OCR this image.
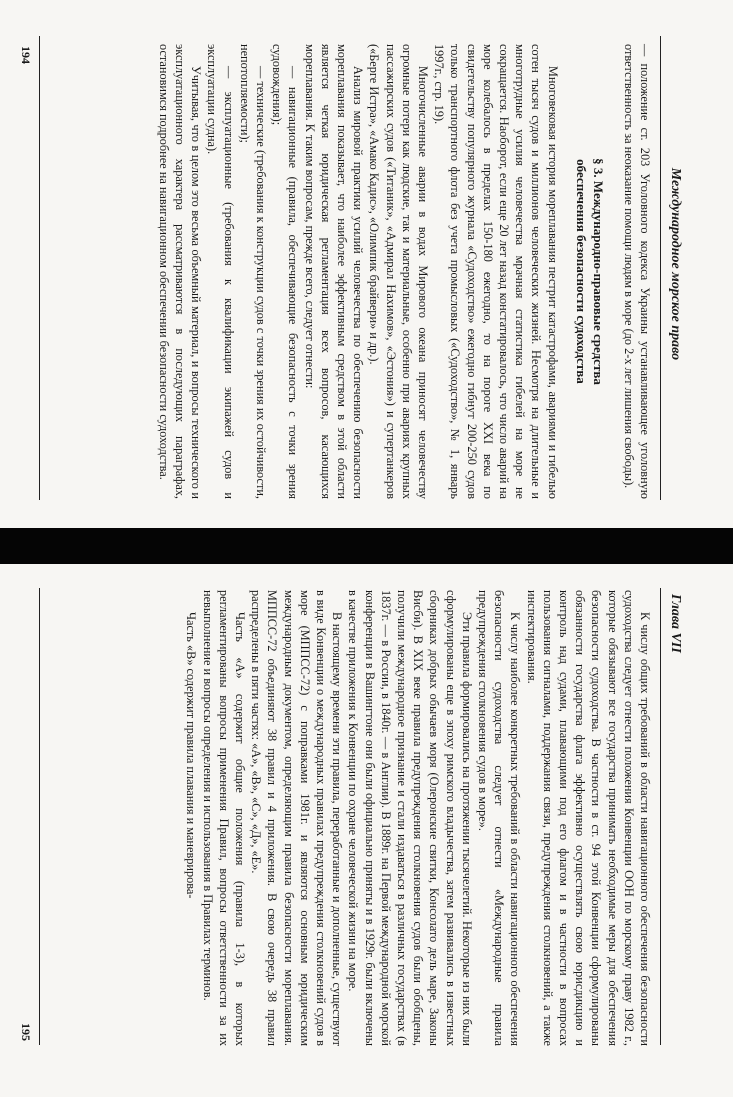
Международное морское право

— положение ст. 203 Уголовного кодекса Украины устанавливающее уголовную ответственность за неоказание помощи людям в море (до 2-х лет лишения свободы).

§ 3. Международно-правовые средства
обеспечения безопасности судоходства

Многовековая история мореплавания пестрит катастрофами, авариями и гибелью сотен тысяч судов и миллионов человеческих жизней. Несмотря на длительные и многотрудные усилия человечества мрачная статистика гибелей на море не сокращается. Наоборот, если еще 20 лет назад констатировалось, что число аварий на море колебалось в пределах 150-180 ежегодно, то на пороге XXI века по свидетельству популярного журнала «Судоходство» ежегодно гибнут 200-250 судов только транспортного флота без учета промысловых («Судоходство», № 1, январь 1997г., стр. 19).

Многочисленные аварии в водах Мирового океана приносят человечеству огромные потери как людские, так и материальные, особенно при авариях крупных пассажирских судов («Титаник», «Адмирал Нахимов», «Эстония») и супертанкеров («Берге Истра», «Амако Кадис», «Олимпик брайвери» и др.).

Анализ мировой практики усилий человечества по обеспечению безопасности мореплавания показывает, что наиболее эффективным средством в этой области является четкая юридическая регламентация всех вопросов, касающихся мореплавания. К таким вопросам, прежде всего, следует отнести:

— навигационные (правила, обеспечивающие безопасность с точки зрения судовождения);

— технические (требования к конструкции судов с точки зрения их остойчивости, непотопляемости);

— эксплуатационные (требования к квалификации экипажей судов и эксплуатации судна).

Учитывая, что в целом это весьма объемный материал, и вопросы технического и эксплуатационного характера рассматриваются в последующих параграфах, остановимся подробнее на навигационном обеспечении безопасности судоходства.

194
Глава VII

К числу общих требований в области навигационного обеспечения безопасности судоходства следует отнести положения Конвенции ООН по морскому праву 1982 г., которые обязывают все государства принимать необходимые меры для обеспечения безопасности судоходства. В частности в ст. 94 этой Конвенции сформулированы обязанности государства флага эффективно осуществлять свою юрисдикцию и контроль над судами, плавающими под его флагом и в частности в вопросах пользования сигналами, поддержания связи, предупреждения столкновений, а также инспектирования.

К числу наиболее конкретных требований в области навигационного обеспечения безопасности судоходства следует отнести «Международные правила предупреждения столкновения судов в море».

Эти правила формировались на протяжении тысячелетий. Некоторые из них были сформулированы еще в эпоху римского владычества, затем развивались в известных сборниках добрых обычаев моря (Олеронские свитки, Консолато дель маре, Законы Висби). В XIX веке правила предупреждения столкновения судов были обобщены, получили международное признание и стали издаваться в различных государствах (в 1837г. — в России, в 1840г. — в Англии). В 1889г. на Первой международной морской конференции в Вашингтоне они были официально приняты и в 1929г. были включены в качестве приложения к Конвенции по охране человеческой жизни на море.

В настоящему времени эти правила, переработанные и дополненные, существуют в виде Конвенции о международных правилах предупреждения столкновений судов в море (МППСС-72) с поправками 1981г. и являются основным юридическим международным документом, определяющим правила безопасности мореплавания. МППСС-72 объединяют 38 правил и 4 приложения. В свою очередь 38 правил распределены в пяти частях: «А», «В», «С», «Д», «Е».

Часть «А» содержит общие положения (правила 1-3), в которых регламентированы вопросы применения Правил, вопросы ответственности за их невыполнение и вопросы определения и использования в Правилах терминов.

Часть «В» содержит правила плавания и маневрирова-

195
